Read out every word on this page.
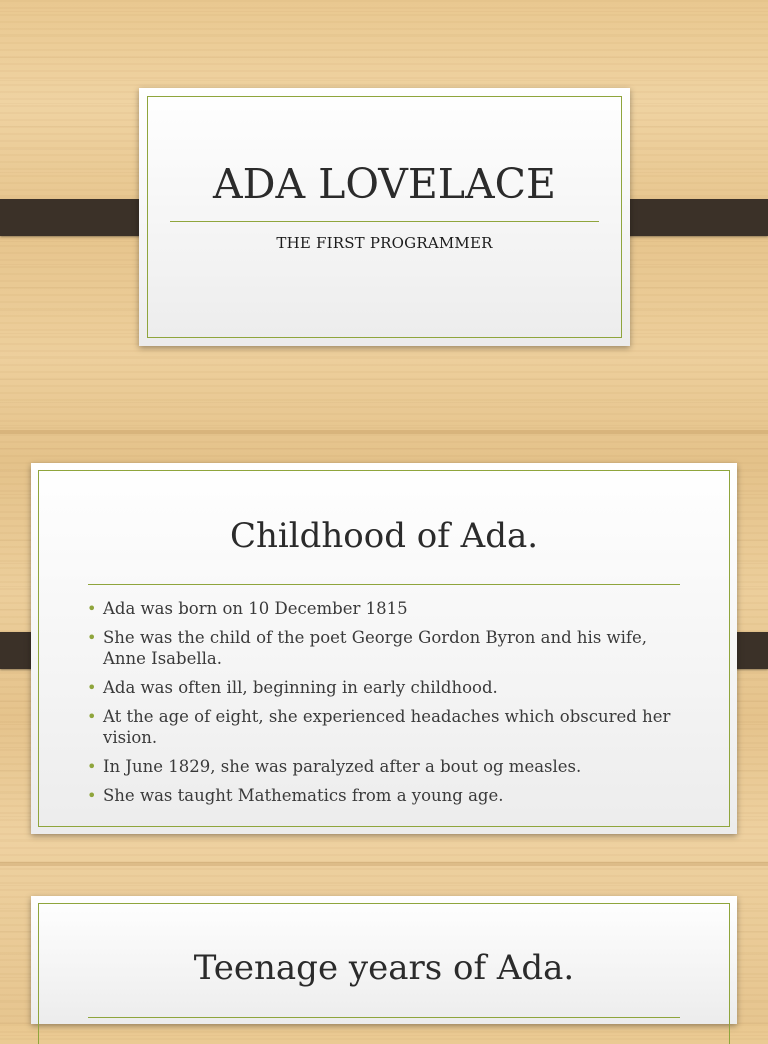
ADA LOVELACE
THE FIRST PROGRAMMER
Childhood of Ada.
• Ada was born on 10 December 1815
• She was the child of the poet George Gordon Byron and his wife, Anne Isabella.
• Ada was often ill, beginning in early childhood.
• At the age of eight, she experienced headaches which obscured her vision.
• In June 1829, she was paralyzed after a bout og measles.
• She was taught Mathematics from a young age.
Teenage years of Ada.
